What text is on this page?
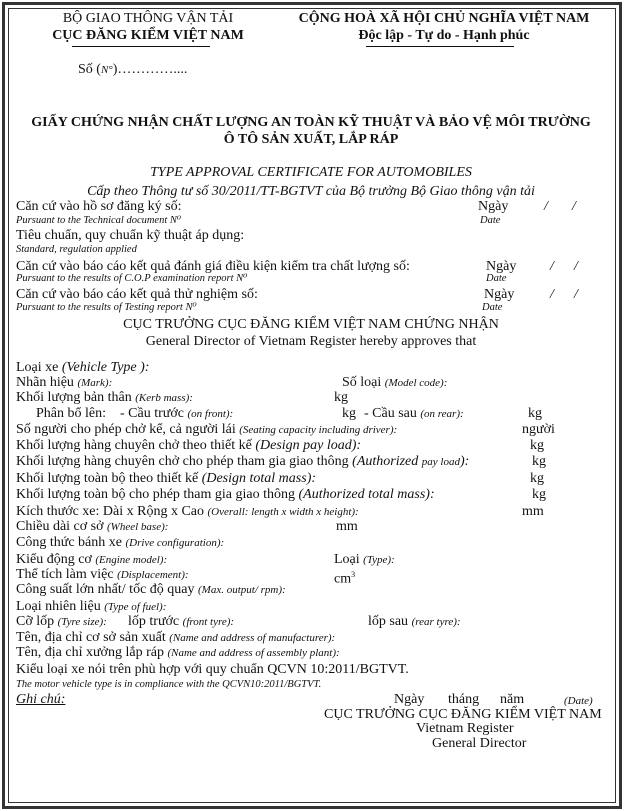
BỘ GIAO THÔNG VẬN TẢI
CỤC ĐĂNG KIỂM VIỆT NAM
CỘNG HOÀ XÃ HỘI CHỦ NGHĨA VIỆT NAM
Độc lập - Tự do - Hạnh phúc
Số (N°)…………....
GIẤY CHỨNG NHẬN CHẤT LƯỢNG AN TOÀN KỸ THUẬT VÀ BẢO VỆ MÔI TRƯỜNG
Ô TÔ SẢN XUẤT, LẮP RÁP
TYPE APPROVAL CERTIFICATE FOR AUTOMOBILES
Cấp theo Thông tư số 30/2011/TT-BGTVT của Bộ trưởng Bộ Giao thông vận tải
Căn cứ vào hồ sơ đăng ký số:	Ngày	/ /
Pursuant to the Technical document N⁰	Date
Tiêu chuẩn, quy chuẩn kỹ thuật áp dụng:
Standard, regulation applied
Căn cứ vào báo cáo kết quả đánh giá điều kiện kiểm tra chất lượng số:	Ngày / /
Pursuant to the results of C.O.P examination report N⁰	Date
Căn cứ vào báo cáo kết quả thử nghiệm số:	Ngày	/ /
Pursuant to the results of Testing report N⁰	Date
CỤC TRƯỞNG CỤC ĐĂNG KIỂM VIỆT NAM CHỨNG NHẬN
General Director of Vietnam Register hereby approves that
Loại xe (Vehicle Type ):
Nhãn hiệu (Mark):	Số loại (Model code):
Khối lượng bản thân (Kerb mass):	kg
Phân bổ lên: - Cầu trước (on front):	kg - Cầu sau (on rear):	kg
Số người cho phép chở kể, cả người lái (Seating capacity including driver):	người
Khối lượng hàng chuyên chở theo thiết kế (Design pay load):	kg
Khối lượng hàng chuyên chở cho phép tham gia giao thông (Authorized pay load):	kg
Khối lượng toàn bộ theo thiết kế (Design total mass):	kg
Khối lượng toàn bộ cho phép tham gia giao thông (Authorized total mass):	kg
Kích thước xe: Dài x Rộng x Cao (Overall: length x width x height):	mm
Chiều dài cơ sở (Wheel base):	mm
Công thức bánh xe (Drive configuration):
Kiểu động cơ (Engine model):	Loại (Type):
Thể tích làm việc (Displacement):	$cm^3$
Công suất lớn nhất/ tốc độ quay (Max. output/ rpm):
Loại nhiên liệu (Type of fuel):
Cỡ lốp (Tyre size): lốp trước (front tyre):	lốp sau (rear tyre):
Tên, địa chỉ cơ sở sản xuất (Name and address of manufacturer):
Tên, địa chỉ xưởng lắp ráp (Name and address of assembly plant):
Kiểu loại xe nói trên phù hợp với quy chuẩn QCVN 10:2011/BGTVT.
The motor vehicle type is in compliance with the QCVN10:2011/BGTVT.
Ghi chú:	Ngày tháng năm	(Date)
CỤC TRƯỞNG CỤC ĐĂNG KIỂM VIỆT NAM
Vietnam Register
General Director
